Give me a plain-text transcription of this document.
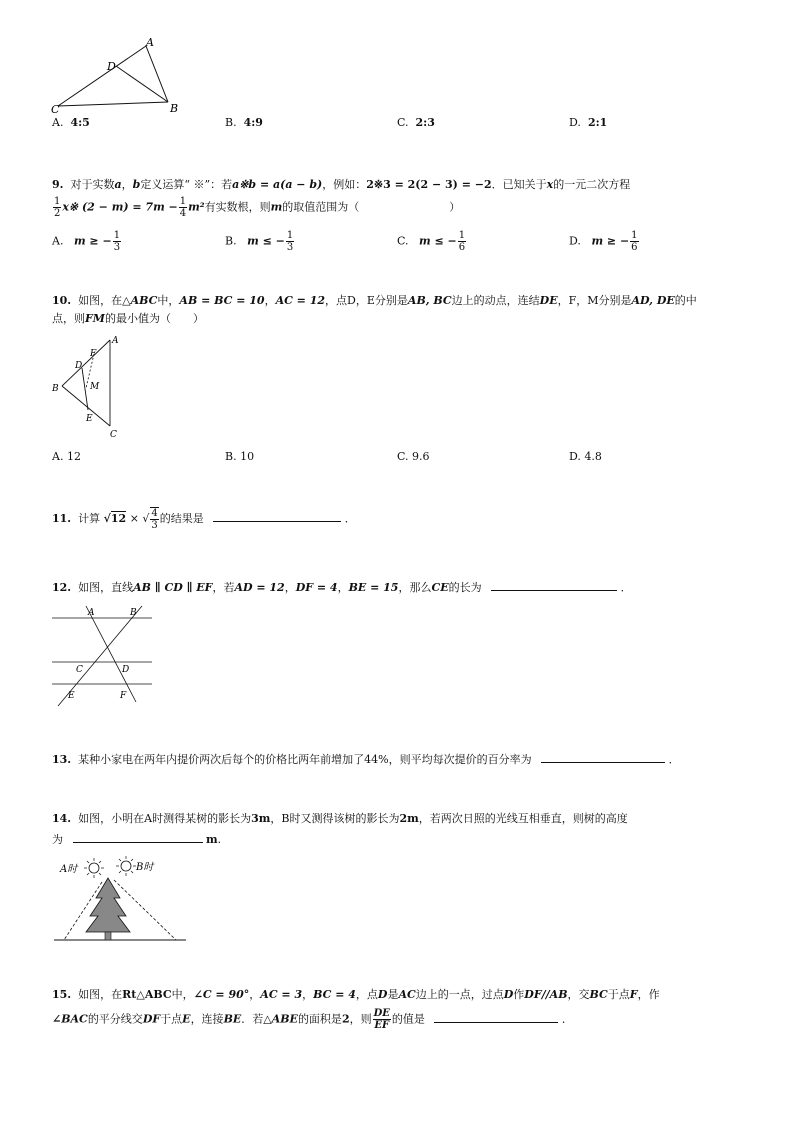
A
D
C	B
A. 4:5	B. 4:9	C. 2:3	D. 2:1
9. 对于实数a，b定义运算“ ※”：若a※b = a(a − b)，例如：2※3 = 2(2 − 3) = −2．已知关于x的一元二次方程
$\frac{1}{2}$ x※ $(2 - m) = 7m - \frac{1}{4} m^2$有实数根，则m的取值范围为（	）
A. m ≥ − $\frac{1}{3}$	B. m ≤ − $\frac{1}{3}$	C. m ≤ − $\frac{1}{6}$	D. m ≥ − $\frac{1}{6}$
10. 如图，在△ABC中，AB = BC = 10，AC = 12，点D，E分别是AB, BC边上的动点，连结DE，F，M分别是AD, DE的中
点，则FM的最小值为（ ）
A
F
D
M
B
E
C
A. 12	B. 10	C. 9.6	D. 4.8
11. 计算 √12 × √ $\frac{4}{3}$ 的结果是	．
12. 如图，直线AB ∥ CD ∥ EF，若AD = 12，DF = 4，BE = 15，那么CE的长为	．
A	B
C	D
E	F
13. 某种小家电在两年内提价两次后每个的价格比两年前增加了44%，则平均每次提价的百分率为	．
14. 如图，小明在A时测得某树的影长为3m，B时又测得该树的影长为2m，若两次日照的光线互相垂直，则树的高度
为	m.
A时	B时
15. 如图，在Rt△ABC中，∠C = 90°，AC = 3，BC = 4，点D是AC边上的一点，过点D作DF//AB，交BC于点F，作
∠BAC的平分线交DF于点E，连接BE．若△ABE的面积是2，则 $\frac{DE}{EF}$ 的值是	．
